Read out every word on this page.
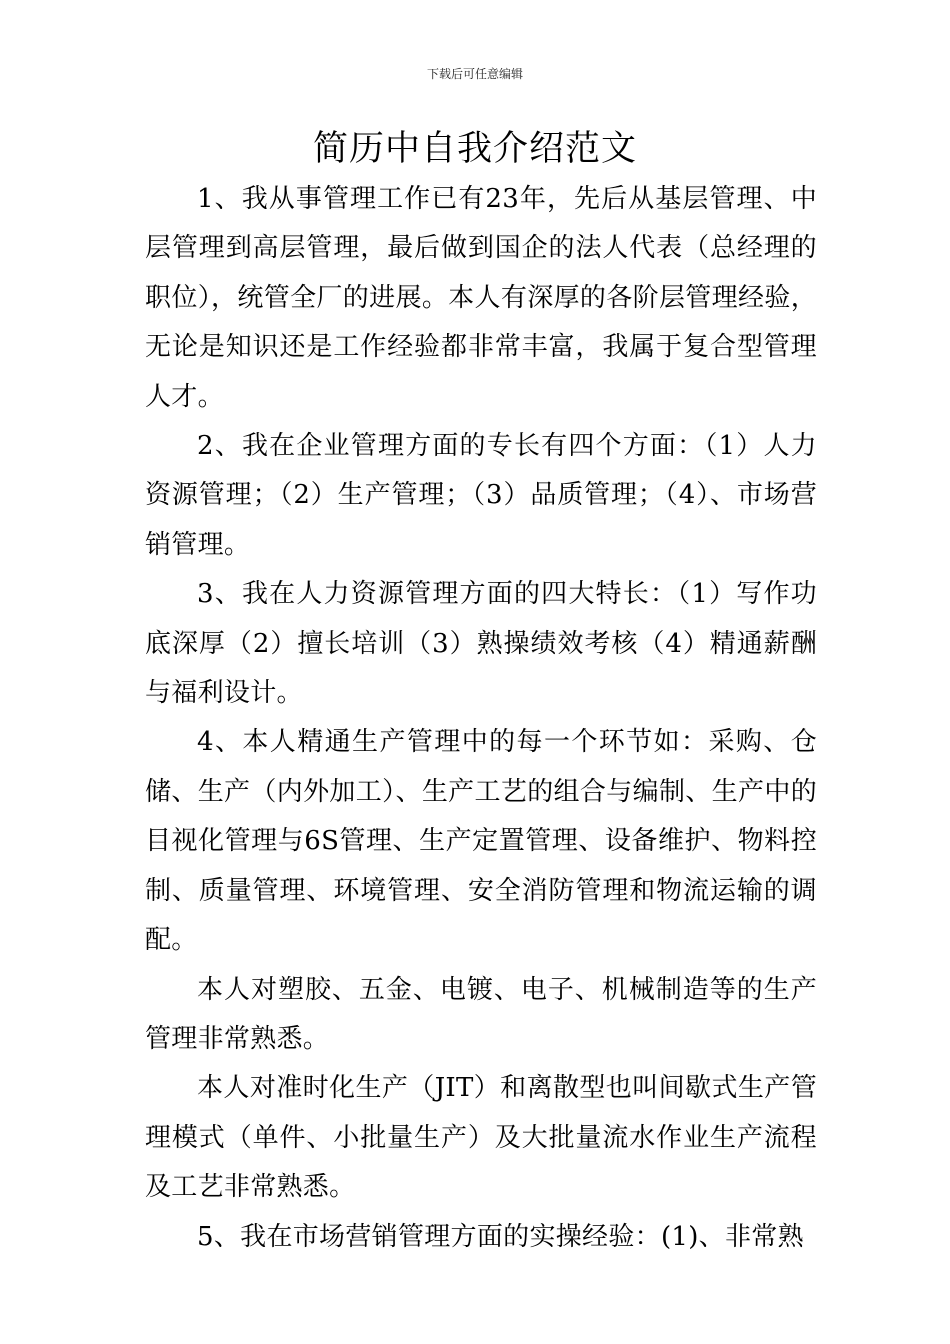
下载后可任意编辑
简历中自我介绍范文

1、我从事管理工作已有23年，先后从基层管理、中层管理到高层管理，最后做到国企的法人代表（总经理的职位），统管全厂的进展。本人有深厚的各阶层管理经验，无论是知识还是工作经验都非常丰富，我属于复合型管理人才。

2、我在企业管理方面的专长有四个方面：（1）人力资源管理；（2）生产管理；（3）品质管理；（4）、市场营销管理。

3、我在人力资源管理方面的四大特长：（1）写作功底深厚（2）擅长培训（3）熟操绩效考核（4）精通薪酬与福利设计。

4、本人精通生产管理中的每一个环节如：采购、仓储、生产（内外加工）、生产工艺的组合与编制、生产中的目视化管理与6S管理、生产定置管理、设备维护、物料控制、质量管理、环境管理、安全消防管理和物流运输的调配。

本人对塑胶、五金、电镀、电子、机械制造等的生产管理非常熟悉。

本人对准时化生产（JIT）和离散型也叫间歇式生产管理模式（单件、小批量生产）及大批量流水作业生产流程及工艺非常熟悉。

5、我在市场营销管理方面的实操经验：(1)、非常熟
